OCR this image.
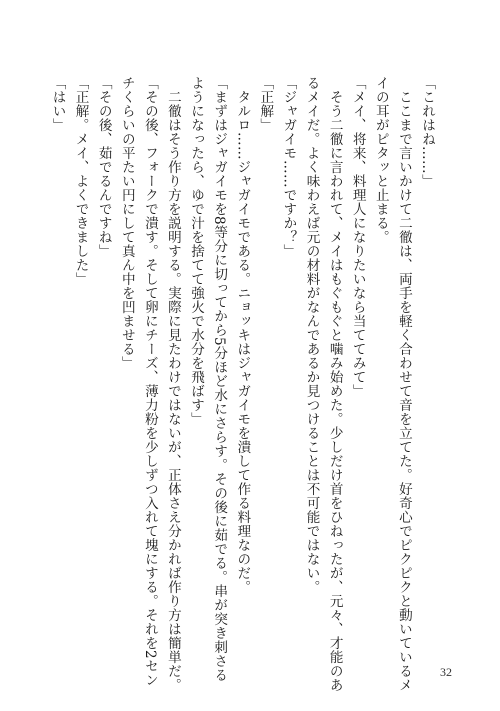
「これはね……」
　ここまで言いかけて二徹は、両手を軽く合わせて音を立てた。好奇心でピクピクと動いているメ
イの耳がピタッと止まる。
「メイ、将来、料理人になりたいなら当ててみて」
　そう二徹に言われて、メイはもぐもぐと噛み始めた。少しだけ首をひねったが、元々、才能のあ
るメイだ。よく味わえば元の材料がなんであるか見つけることは不可能ではない。
「ジャガイモ……ですか？」
「正解」
　タルロ……ジャガイモである。ニョッキはジャガイモを潰して作る料理なのだ。
「まずはジャガイモを8等分に切ってから5分ほど水にさらす。その後に茹でる。串が突き刺さる
ようになったら、ゆで汁を捨てて強火で水分を飛ばす」
　二徹はそう作り方を説明する。実際に見たわけではないが、正体さえ分かれば作り方は簡単だ。
「その後、フォークで潰す。そして卵にチーズ、薄力粉を少しずつ入れて塊にする。それを2セン
チくらいの平たい円にして真ん中を凹ませる」
「その後、茹でるんですね」
「正解。メイ、よくできました」
「はい」
32
